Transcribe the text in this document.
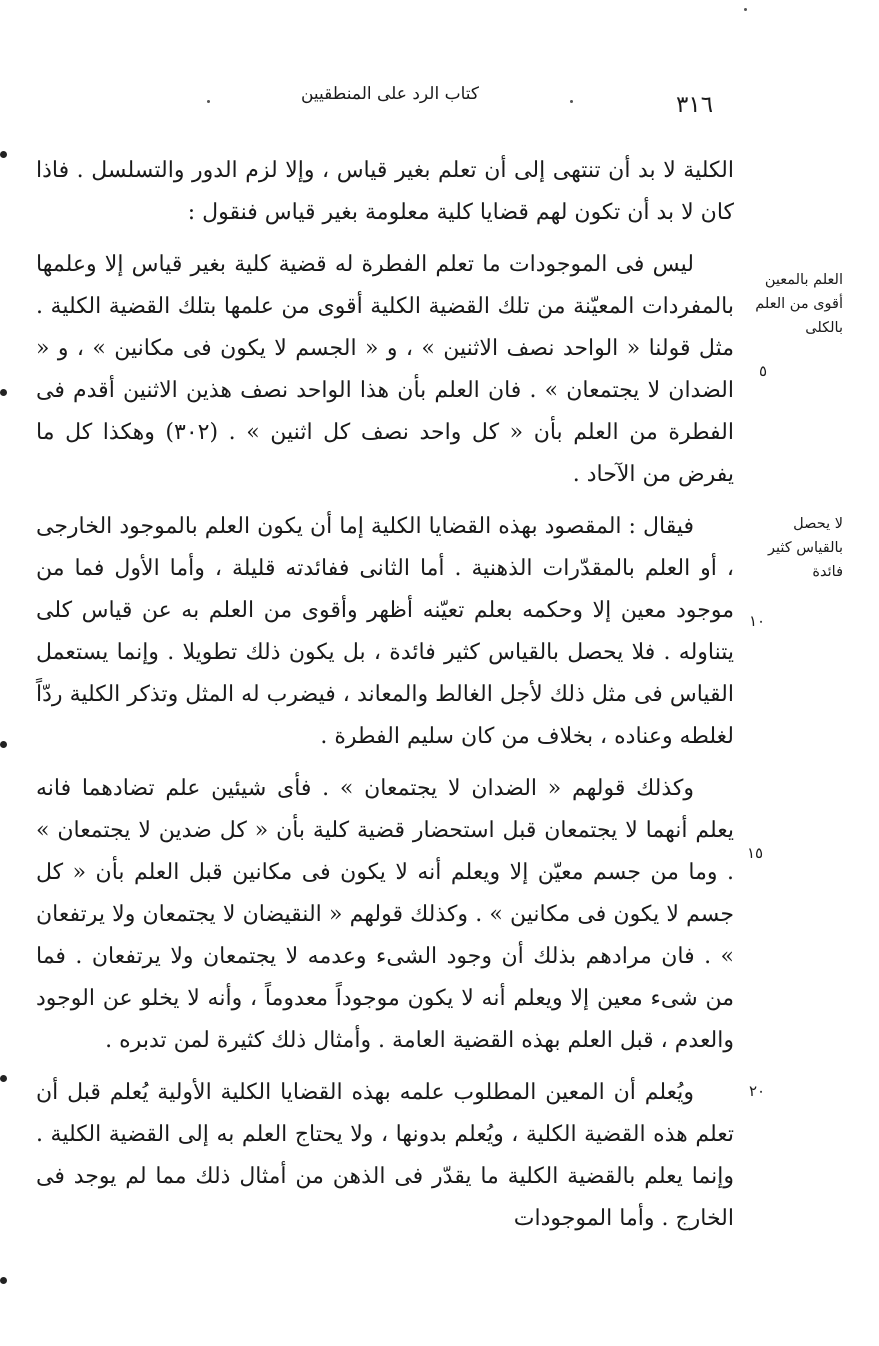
كتاب الرد على المنطقيين	٣١٦

الكلية لا بد أن تنتهى إلى أن تعلم بغير قياس ، وإلا لزم الدور والتسلسل . فاذا كان لا بد أن تكون لهم قضايا كلية معلومة بغير قياس فنقول :

ليس فى الموجودات ما تعلم الفطرة له قضية كلية بغير قياس إلا وعلمها بالمفردات المعيّنة من تلك القضية الكلية أقوى من علمها بتلك القضية الكلية . مثل قولنا « الواحد نصف الاثنين » ، و « الجسم لا يكون فى مكانين » ، و « الضدان لا يجتمعان » . فان العلم بأن هذا الواحد نصف هذين الاثنين أقدم فى الفطرة من العلم بأن « كل واحد نصف كل اثنين » . (٣٠٢) وهكذا كل ما يفرض من الآحاد .

فيقال : المقصود بهذه القضايا الكلية إما أن يكون العلم بالموجود الخارجى ، أو العلم بالمقدّرات الذهنية . أما الثانى ففائدته قليلة ، وأما الأول فما من موجود معين إلا وحكمه بعلم تعيّنه أظهر وأقوى من العلم به عن قياس كلى يتناوله . فلا يحصل بالقياس كثير فائدة ، بل يكون ذلك تطويلا . وإنما يستعمل القياس فى مثل ذلك لأجل الغالط والمعاند ، فيضرب له المثل وتذكر الكلية ردّاً لغلطه وعناده ، بخلاف من كان سليم الفطرة .

وكذلك قولهم « الضدان لا يجتمعان » . فأى شيئين علم تضادهما فانه يعلم أنهما لا يجتمعان قبل استحضار قضية كلية بأن « كل ضدين لا يجتمعان » . وما من جسم معيّن إلا ويعلم أنه لا يكون فى مكانين قبل العلم بأن « كل جسم لا يكون فى مكانين » . وكذلك قولهم « النقيضان لا يجتمعان ولا يرتفعان » . فان مرادهم بذلك أن وجود الشىء وعدمه لا يجتمعان ولا يرتفعان . فما من شىء معين إلا ويعلم أنه لا يكون موجوداً معدوماً ، وأنه لا يخلو عن الوجود والعدم ، قبل العلم بهذه القضية العامة . وأمثال ذلك كثيرة لمن تدبره .

ويُعلم أن المعين المطلوب علمه بهذه القضايا الكلية الأولية يُعلم قبل أن تعلم هذه القضية الكلية ، ويُعلم بدونها ، ولا يحتاج العلم به إلى القضية الكلية . وإنما يعلم بالقضية الكلية ما يقدّر فى الذهن من أمثال ذلك مما لم يوجد فى الخارج . وأما الموجودات

العلم بالمعين أقوى من العلم بالكلى
لا يحصل بالقياس كثير فائدة
٥
١٠
١٥
٢٠
